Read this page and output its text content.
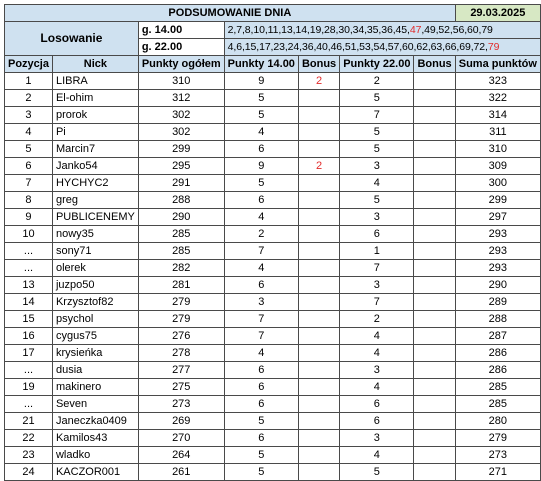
PODSUMOWANIE DNIA							29.03.2025
Losowanie		g. 14.00	2,7,8,10,11,13,14,19,28,30,34,35,36,45,47,49,52,56,60,79				
		g. 22.00	4,6,15,17,23,24,36,40,46,51,53,54,57,60,62,63,66,69,72,79				
Pozycja	Nick	Punkty ogółem	Punkty 14.00	Bonus	Punkty 22.00	Bonus	Suma punktów
1	LIBRA	310	9	2	2		323
2	El-ohim	312	5		5		322
3	prorok	302	5		7		314
4	Pi	302	4		5		311
5	Marcin7	299	6		5		310
6	Janko54	295	9	2	3		309
7	HYCHYC2	291	5		4		300
8	greg	288	6		5		299
9	PUBLICENEMY	290	4		3		297
10	nowy35	285	2		6		293
...	sony71	285	7		1		293
...	olerek	282	4		7		293
13	juzpo50	281	6		3		290
14	Krzysztof82	279	3		7		289
15	psychol	279	7		2		288
16	cygus75	276	7		4		287
17	krysieńka	278	4		4		286
...	dusia	277	6		3		286
19	makinero	275	6		4		285
...	Seven	273	6		6		285
21	Janeczka0409	269	5		6		280
22	Kamilos43	270	6		3		279
23	wladko	264	5		4		273
24	KACZOR001	261	5		5		271
